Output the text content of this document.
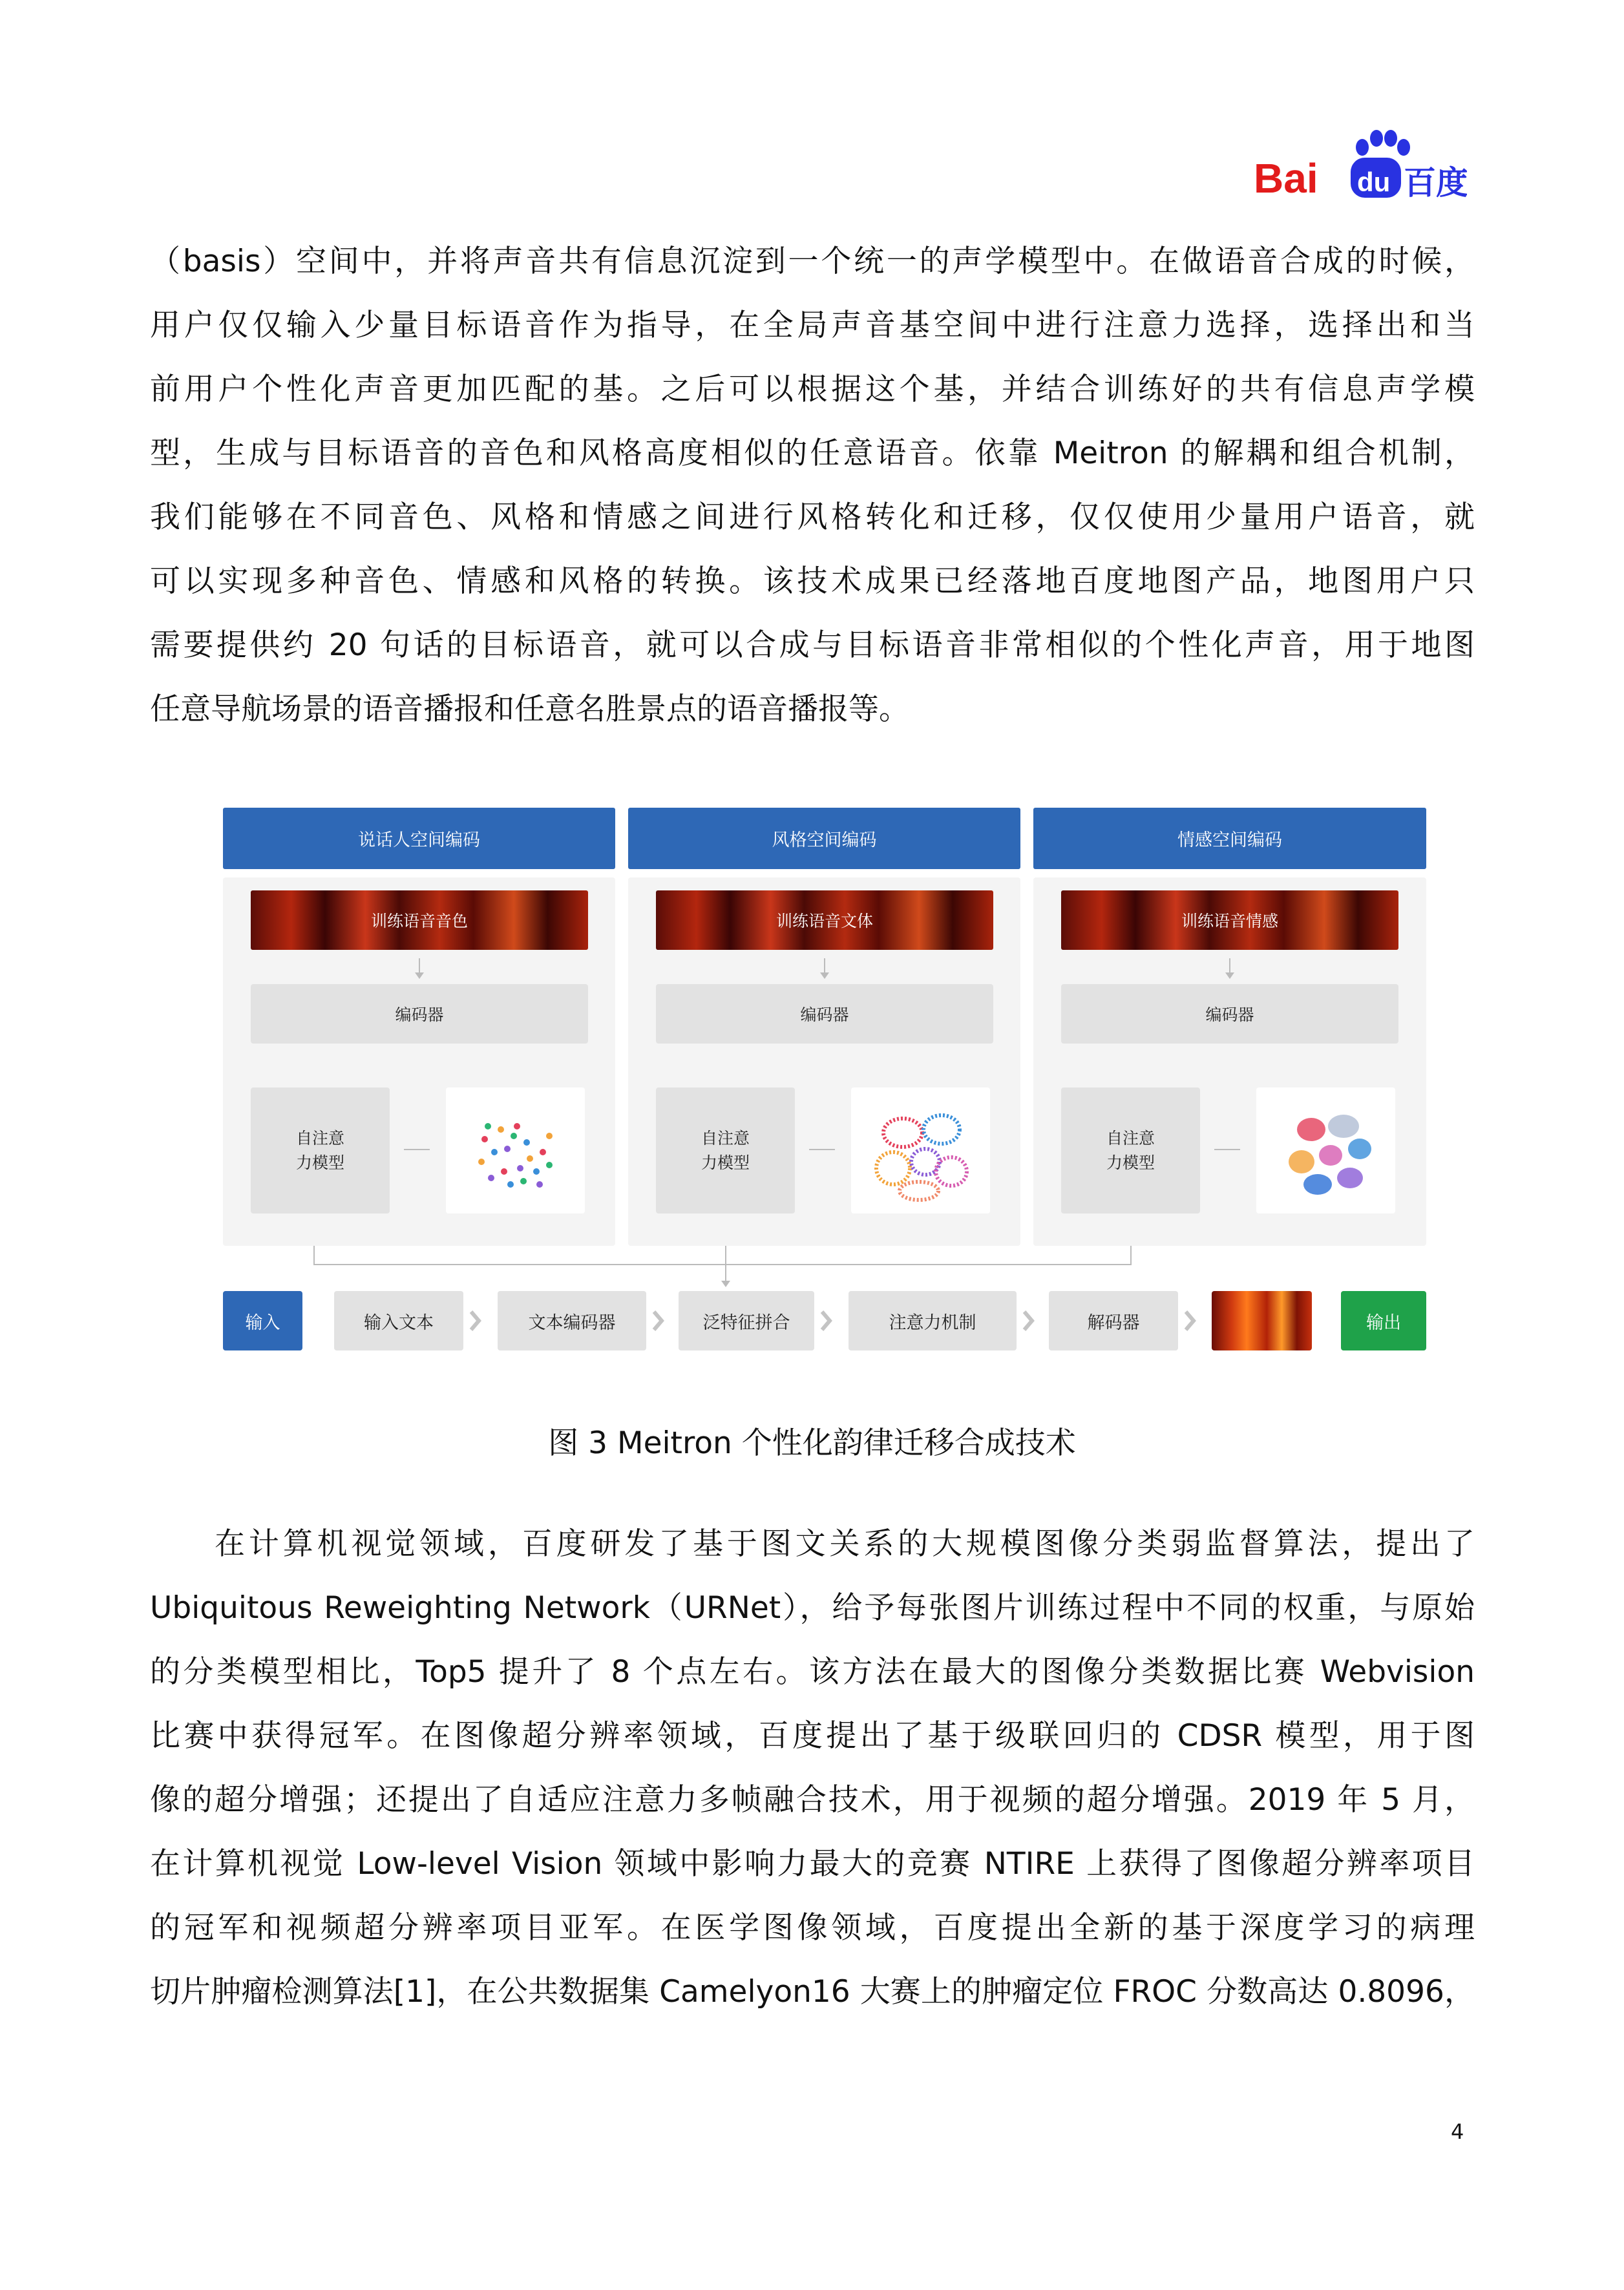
Bai du 百度
（basis）空间中，并将声音共有信息沉淀到一个统一的声学模型中。在做语音合成的时候，
用户仅仅输入少量目标语音作为指导，在全局声音基空间中进行注意力选择，选择出和当
前用户个性化声音更加匹配的基。之后可以根据这个基，并结合训练好的共有信息声学模
型，生成与目标语音的音色和风格高度相似的任意语音。依靠 Meitron 的解耦和组合机制，
我们能够在不同音色、风格和情感之间进行风格转化和迁移，仅仅使用少量用户语音，就
可以实现多种音色、情感和风格的转换。该技术成果已经落地百度地图产品，地图用户只
需要提供约 20 句话的目标语音，就可以合成与目标语音非常相似的个性化声音，用于地图
任意导航场景的语音播报和任意名胜景点的语音播报等。
说话人空间编码
训练语音音色
编码器
自注意
力模型
风格空间编码
训练语音文体
编码器
自注意
力模型
情感空间编码
训练语音情感
编码器
自注意
力模型
输入	输入文本	文本编码器	泛特征拼合	注意力机制	解码器	输出
图 3 Meitron 个性化韵律迁移合成技术
在计算机视觉领域，百度研发了基于图文关系的大规模图像分类弱监督算法，提出了
Ubiquitous Reweighting Network（URNet），给予每张图片训练过程中不同的权重，与原始
的分类模型相比，Top5 提升了 8 个点左右。该方法在最大的图像分类数据比赛 Webvision
比赛中获得冠军。在图像超分辨率领域，百度提出了基于级联回归的 CDSR 模型，用于图
像的超分增强；还提出了自适应注意力多帧融合技术，用于视频的超分增强。2019 年 5 月，
在计算机视觉 Low-level Vision 领域中影响力最大的竞赛 NTIRE 上获得了图像超分辨率项目
的冠军和视频超分辨率项目亚军。在医学图像领域，百度提出全新的基于深度学习的病理
切片肿瘤检测算法[1]，在公共数据集 Camelyon16 大赛上的肿瘤定位 FROC 分数高达 0.8096，
4
